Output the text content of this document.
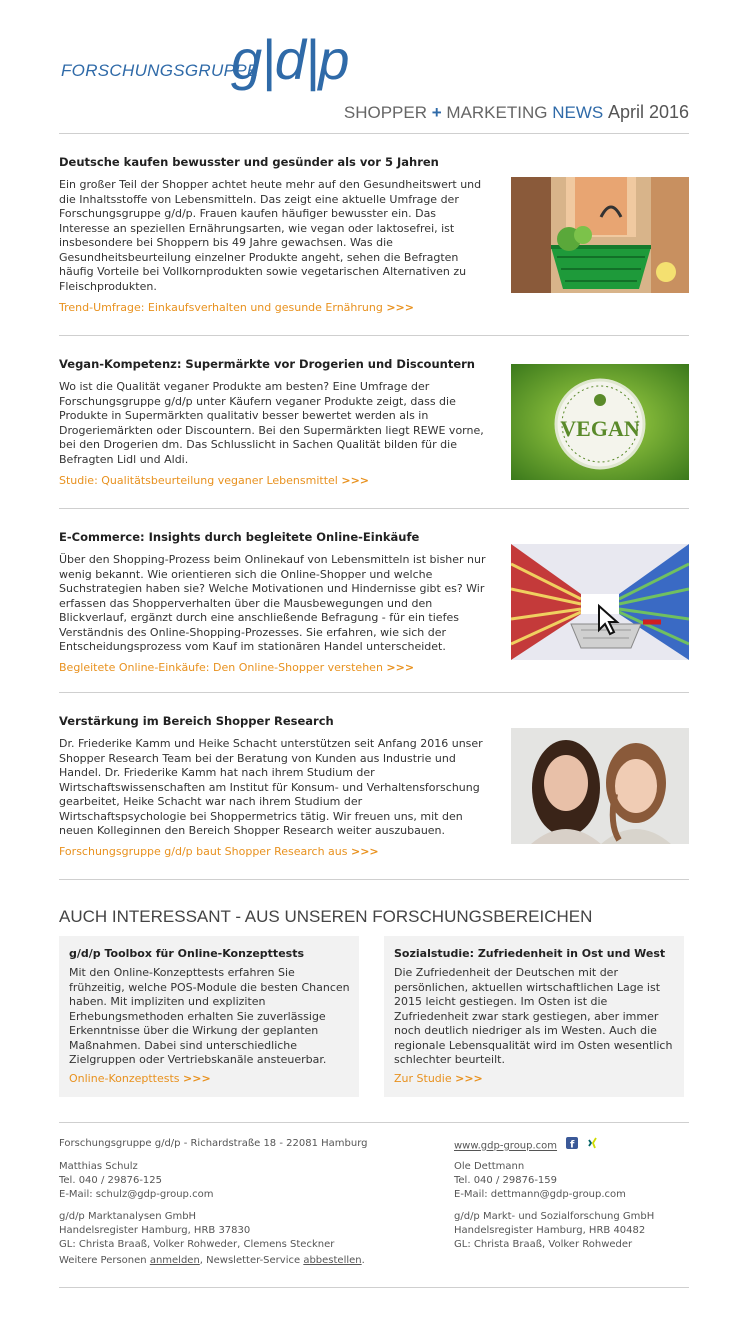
FORSCHUNGSGRUPPE
g|d|p
SHOPPER + MARKETING NEWS April 2016
Deutsche kaufen bewusster und gesünder als vor 5 Jahren

Ein großer Teil der Shopper achtet heute mehr auf den Gesundheitswert und die Inhaltsstoffe von Lebensmitteln. Das zeigt eine aktuelle Umfrage der Forschungsgruppe g/d/p. Frauen kaufen häufiger bewusster ein. Das Interesse an speziellen Ernährungsarten, wie vegan oder laktosefrei, ist insbesondere bei Shoppern bis 49 Jahre gewachsen. Was die Gesundheitsbeurteilung einzelner Produkte angeht, sehen die Befragten häufig Vorteile bei Vollkornprodukten sowie vegetarischen Alternativen zu Fleischprodukten.

Trend-Umfrage: Einkaufsverhalten und gesunde Ernährung >>>
Vegan-Kompetenz: Supermärkte vor Drogerien und Discountern

Wo ist die Qualität veganer Produkte am besten? Eine Umfrage der Forschungsgruppe g/d/p unter Käufern veganer Produkte zeigt, dass die Produkte in Supermärkten qualitativ besser bewertet werden als in Drogeriemärkten oder Discountern. Bei den Supermärkten liegt REWE vorne, bei den Drogerien dm. Das Schlusslicht in Sachen Qualität bilden für die Befragten Lidl und Aldi.

Studie: Qualitätsbeurteilung veganer Lebensmittel >>>
VEGAN
E-Commerce: Insights durch begleitete Online-Einkäufe

Über den Shopping-Prozess beim Onlinekauf von Lebensmitteln ist bisher nur wenig bekannt. Wie orientieren sich die Online-Shopper und welche Suchstrategien haben sie? Welche Motivationen und Hindernisse gibt es? Wir erfassen das Shopperverhalten über die Mausbewegungen und den Blickverlauf, ergänzt durch eine anschließende Befragung - für ein tiefes Verständnis des Online-Shopping-Prozesses. Sie erfahren, wie sich der Entscheidungsprozess vom Kauf im stationären Handel unterscheidet.

Begleitete Online-Einkäufe: Den Online-Shopper verstehen >>>
Verstärkung im Bereich Shopper Research

Dr. Friederike Kamm und Heike Schacht unterstützen seit Anfang 2016 unser Shopper Research Team bei der Beratung von Kunden aus Industrie und Handel. Dr. Friederike Kamm hat nach ihrem Studium der Wirtschaftswissenschaften am Institut für Konsum- und Verhaltensforschung gearbeitet, Heike Schacht war nach ihrem Studium der Wirtschaftspsychologie bei Shoppermetrics tätig. Wir freuen uns, mit den neuen Kolleginnen den Bereich Shopper Research weiter auszubauen.

Forschungsgruppe g/d/p baut Shopper Research aus >>>
AUCH INTERESSANT - AUS UNSEREN FORSCHUNGSBEREICHEN
g/d/p Toolbox für Online-Konzepttests

Mit den Online-Konzepttests erfahren Sie frühzeitig, welche POS-Module die besten Chancen haben. Mit impliziten und expliziten Erhebungsmethoden erhalten Sie zuverlässige Erkenntnisse über die Wirkung der geplanten Maßnahmen. Dabei sind unterschiedliche Zielgruppen oder Vertriebskanäle ansteuerbar.

Online-Konzepttests >>>
Sozialstudie: Zufriedenheit in Ost und West

Die Zufriedenheit der Deutschen mit der persönlichen, aktuellen wirtschaftlichen Lage ist 2015 leicht gestiegen. Im Osten ist die Zufriedenheit zwar stark gestiegen, aber immer noch deutlich niedriger als im Westen. Auch die regionale Lebensqualität wird im Osten wesentlich schlechter beurteilt.

Zur Studie >>>
Forschungsgruppe g/d/p - Richardstraße 18 - 22081 Hamburg	www.gdp-group.com f

Matthias Schulz
Tel. 040 / 29876-125
E-Mail: schulz@gdp-group.com
g/d/p Marktanalysen GmbH
Handelsregister Hamburg, HRB 37830
GL: Christa Braaß, Volker Rohweder, Clemens Steckner
Ole Dettmann
Tel. 040 / 29876-159
E-Mail: dettmann@gdp-group.com
g/d/p Markt- und Sozialforschung GmbH
Handelsregister Hamburg, HRB 40482
GL: Christa Braaß, Volker Rohweder
Weitere Personen anmelden, Newsletter-Service abbestellen.
